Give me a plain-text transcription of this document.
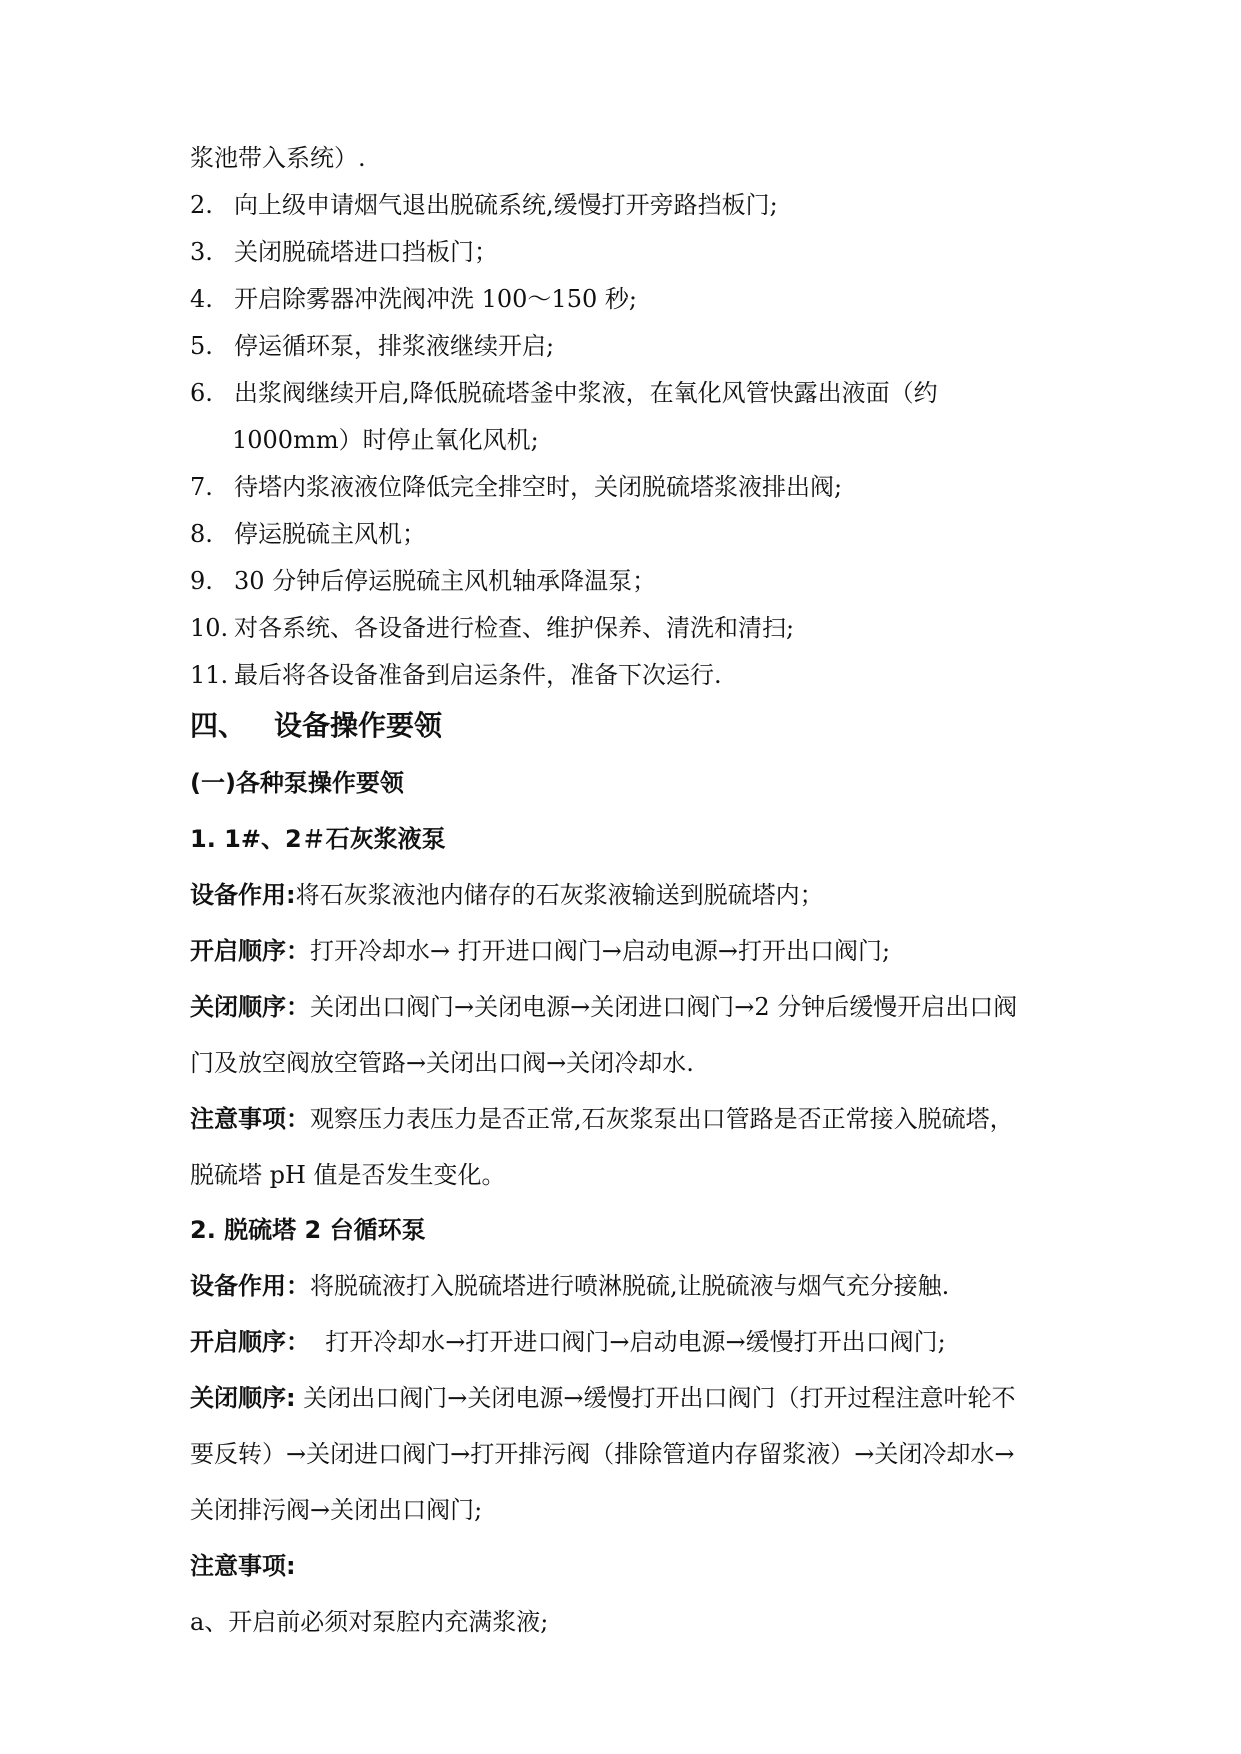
浆池带入系统）.
2. 向上级申请烟气退出脱硫系统,缓慢打开旁路挡板门;
3. 关闭脱硫塔进口挡板门；
4. 开启除雾器冲洗阀冲洗 100～150 秒;
5. 停运循环泵，排浆液继续开启;
6. 出浆阀继续开启,降低脱硫塔釜中浆液，在氧化风管快露出液面（约
1000mm）时停止氧化风机;
7. 待塔内浆液液位降低完全排空时，关闭脱硫塔浆液排出阀;
8. 停运脱硫主风机；
9. 30 分钟后停运脱硫主风机轴承降温泵；
10. 对各系统、各设备进行检查、维护保养、清洗和清扫;
11. 最后将各设备准备到启运条件，准备下次运行.
四、 设备操作要领
(一)各种泵操作要领
1. 1#、2＃石灰浆液泵
设备作用:将石灰浆液池内储存的石灰浆液输送到脱硫塔内；
开启顺序：打开冷却水→ 打开进口阀门→启动电源→打开出口阀门;
关闭顺序：关闭出口阀门→关闭电源→关闭进口阀门→2 分钟后缓慢开启出口阀
门及放空阀放空管路→关闭出口阀→关闭冷却水.
注意事项：观察压力表压力是否正常,石灰浆泵出口管路是否正常接入脱硫塔，
脱硫塔 pH 值是否发生变化。
2. 脱硫塔 2 台循环泵
设备作用：将脱硫液打入脱硫塔进行喷淋脱硫,让脱硫液与烟气充分接触.
开启顺序：  打开冷却水→打开进口阀门→启动电源→缓慢打开出口阀门;
关闭顺序: 关闭出口阀门→关闭电源→缓慢打开出口阀门（打开过程注意叶轮不
要反转）→关闭进口阀门→打开排污阀（排除管道内存留浆液）→关闭冷却水→
关闭排污阀→关闭出口阀门;
注意事项:
a、开启前必须对泵腔内充满浆液;
